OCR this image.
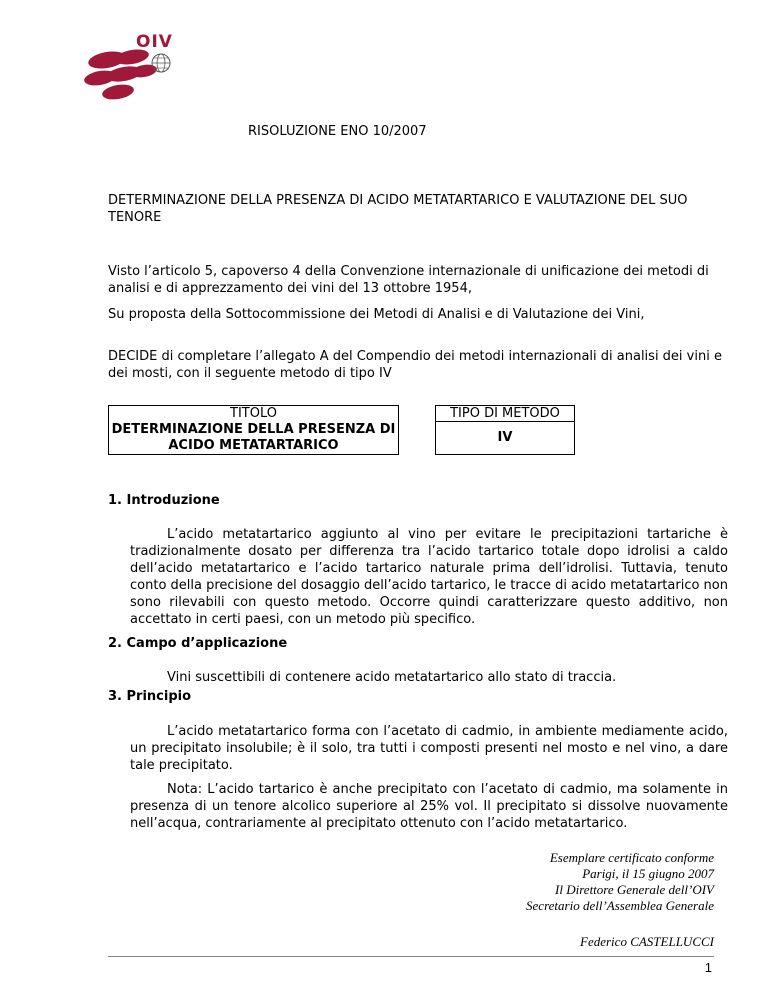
OIV
RISOLUZIONE ENO 10/2007
DETERMINAZIONE DELLA PRESENZA DI ACIDO METATARTARICO E VALUTAZIONE DEL SUO TENORE
Visto l’articolo 5, capoverso 4 della Convenzione internazionale di unificazione dei metodi di analisi e di apprezzamento dei vini del 13 ottobre 1954,
Su proposta della Sottocommissione dei Metodi di Analisi e di Valutazione dei Vini,
DECIDE di completare l’allegato A del Compendio dei metodi internazionali di analisi dei vini e dei mosti, con il seguente metodo di tipo IV
TITOLO		TIPO DI METODO
DETERMINAZIONE DELLA PRESENZA DI ACIDO METATARTARICO		IV
1. Introduzione
L’acido metatartarico aggiunto al vino per evitare le precipitazioni tartariche è tradizionalmente dosato per differenza tra l’acido tartarico totale dopo idrolisi a caldo dell’acido metatartarico e l’acido tartarico naturale prima dell’idrolisi. Tuttavia, tenuto conto della precisione del dosaggio dell’acido tartarico, le tracce di acido metatartarico non sono rilevabili con questo metodo. Occorre quindi caratterizzare questo additivo, non accettato in certi paesi, con un metodo più specifico.
2. Campo d’applicazione
Vini suscettibili di contenere acido metatartarico allo stato di traccia.
3. Principio
L’acido metatartarico forma con l’acetato di cadmio, in ambiente mediamente acido, un precipitato insolubile; è il solo, tra tutti i composti presenti nel mosto e nel vino, a dare tale precipitato.
Nota: L’acido tartarico è anche precipitato con l’acetato di cadmio, ma solamente in presenza di un tenore alcolico superiore al 25% vol. Il precipitato si dissolve nuovamente nell’acqua, contrariamente al precipitato ottenuto con l’acido metatartarico.
Esemplare certificato conforme
Parigi, il 15 giugno 2007
Il Direttore Generale dell’OIV
Secretario dell’Assemblea Generale
Federico CASTELLUCCI
1
